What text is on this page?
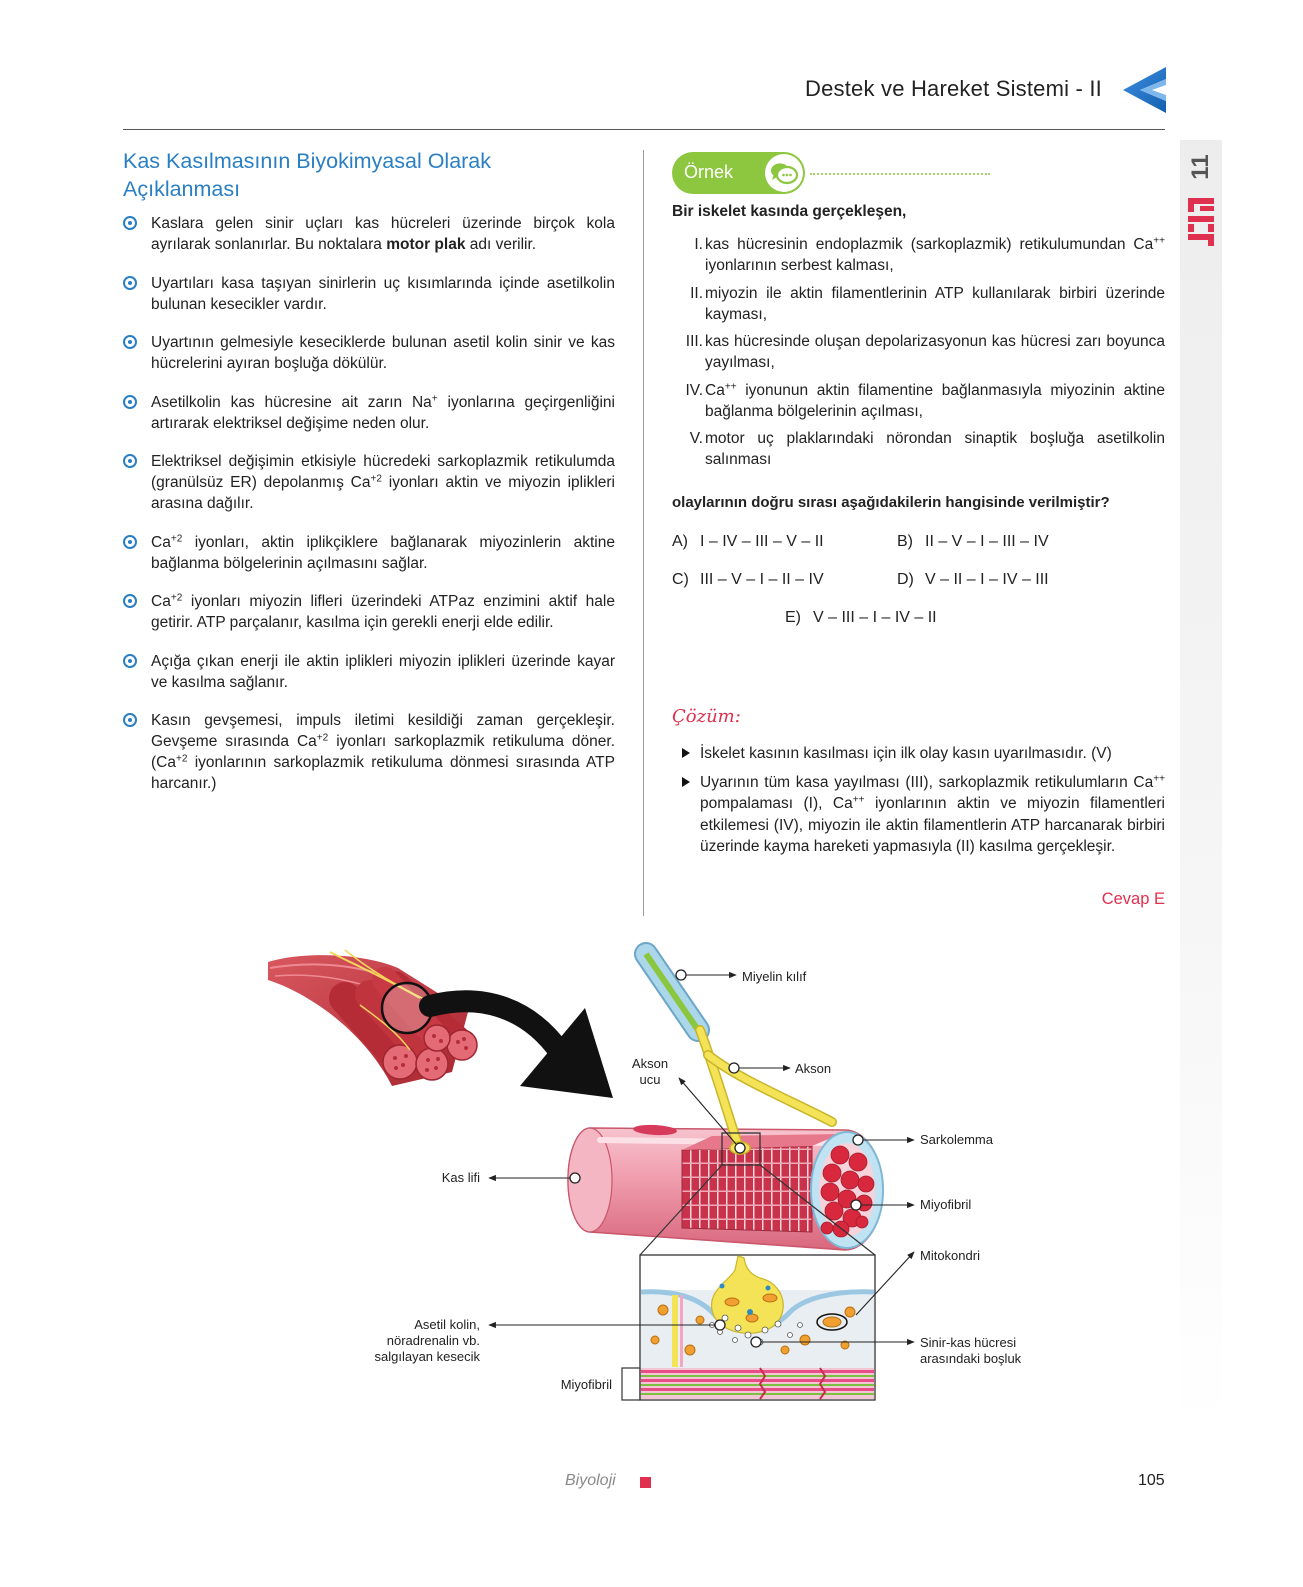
Destek ve Hareket Sistemi - II
11
Kas Kasılmasının Biyokimyasal Olarak Açıklanması
Kaslara gelen sinir uçları kas hücreleri üzerinde birçok kola ayrılarak sonlanırlar. Bu noktalara motor plak adı verilir.
Uyartıları kasa taşıyan sinirlerin uç kısımlarında içinde asetilkolin bulunan kesecikler vardır.
Uyartının gelmesiyle keseciklerde bulunan asetil kolin sinir ve kas hücrelerini ayıran boşluğa dökülür.
Asetilkolin kas hücresine ait zarın Na+ iyonlarına geçirgenliğini artırarak elektriksel değişime neden olur.
Elektriksel değişimin etkisiyle hücredeki sarkoplazmik retikulumda (granülsüz ER) depolanmış $Ca^{+2}$ iyonları aktin ve miyozin iplikleri arasına dağılır.
$Ca^{+2}$ iyonları, aktin iplikçiklere bağlanarak miyozinlerin aktine bağlanma bölgelerinin açılmasını sağlar.
$Ca^{+2}$ iyonları miyozin lifleri üzerindeki ATPaz enzimini aktif hale getirir. ATP parçalanır, kasılma için gerekli enerji elde edilir.
Açığa çıkan enerji ile aktin iplikleri miyozin iplikleri üzerinde kayar ve kasılma sağlanır.
Kasın gevşemesi, impuls iletimi kesildiği zaman gerçekleşir. Gevşeme sırasında $Ca^{+2}$ iyonları sarkoplazmik retikuluma döner. ($Ca^{+2}$ iyonlarının sarkoplazmik retikuluma dönmesi sırasında ATP harcanır.)
Örnek
Bir iskelet kasında gerçekleşen,
I. kas hücresinin endoplazmik (sarkoplazmik) retikulumundan Ca++ iyonlarının serbest kalması,
II. miyozin ile aktin filamentlerinin ATP kullanılarak birbiri üzerinde kayması,
III. kas hücresinde oluşan depolarizasyonun kas hücresi zarı boyunca yayılması,
IV. Ca++ iyonunun aktin filamentine bağlanmasıyla miyozinin aktine bağlanma bölgelerinin açılması,
V. motor uç plaklarındaki nörondan sinaptik boşluğa asetilkolin salınması
olaylarının doğru sırası aşağıdakilerin hangisinde verilmiştir?
A) I – IV – III – V – II	B) II – V – I – III – IV
C) III – V – I – II – IV	D) V – II – I – IV – III
E) V – III – I – IV – II
Çözüm:
İskelet kasının kasılması için ilk olay kasın uyarılmasıdır. (V)
Uyarının tüm kasa yayılması (III), sarkoplazmik retikulumların Ca++ pompalaması (I), Ca++ iyonlarının aktin ve miyozin filamentleri etkilemesi (IV), miyozin ile aktin filamentlerin ATP harcanarak birbiri üzerinde kayma hareketi yapmasıyla (II) kasılma gerçekleşir.
Cevap E
Miyelin kılıf
Akson
Akson
ucu
Sarkolemma
Kas lifi
Miyofibril
Mitokondri
Asetil kolin,
nöradrenalin vb.
salgılayan kesecik
Sinir-kas hücresi
arasındaki boşluk
Miyofibril
Biyoloji	105
